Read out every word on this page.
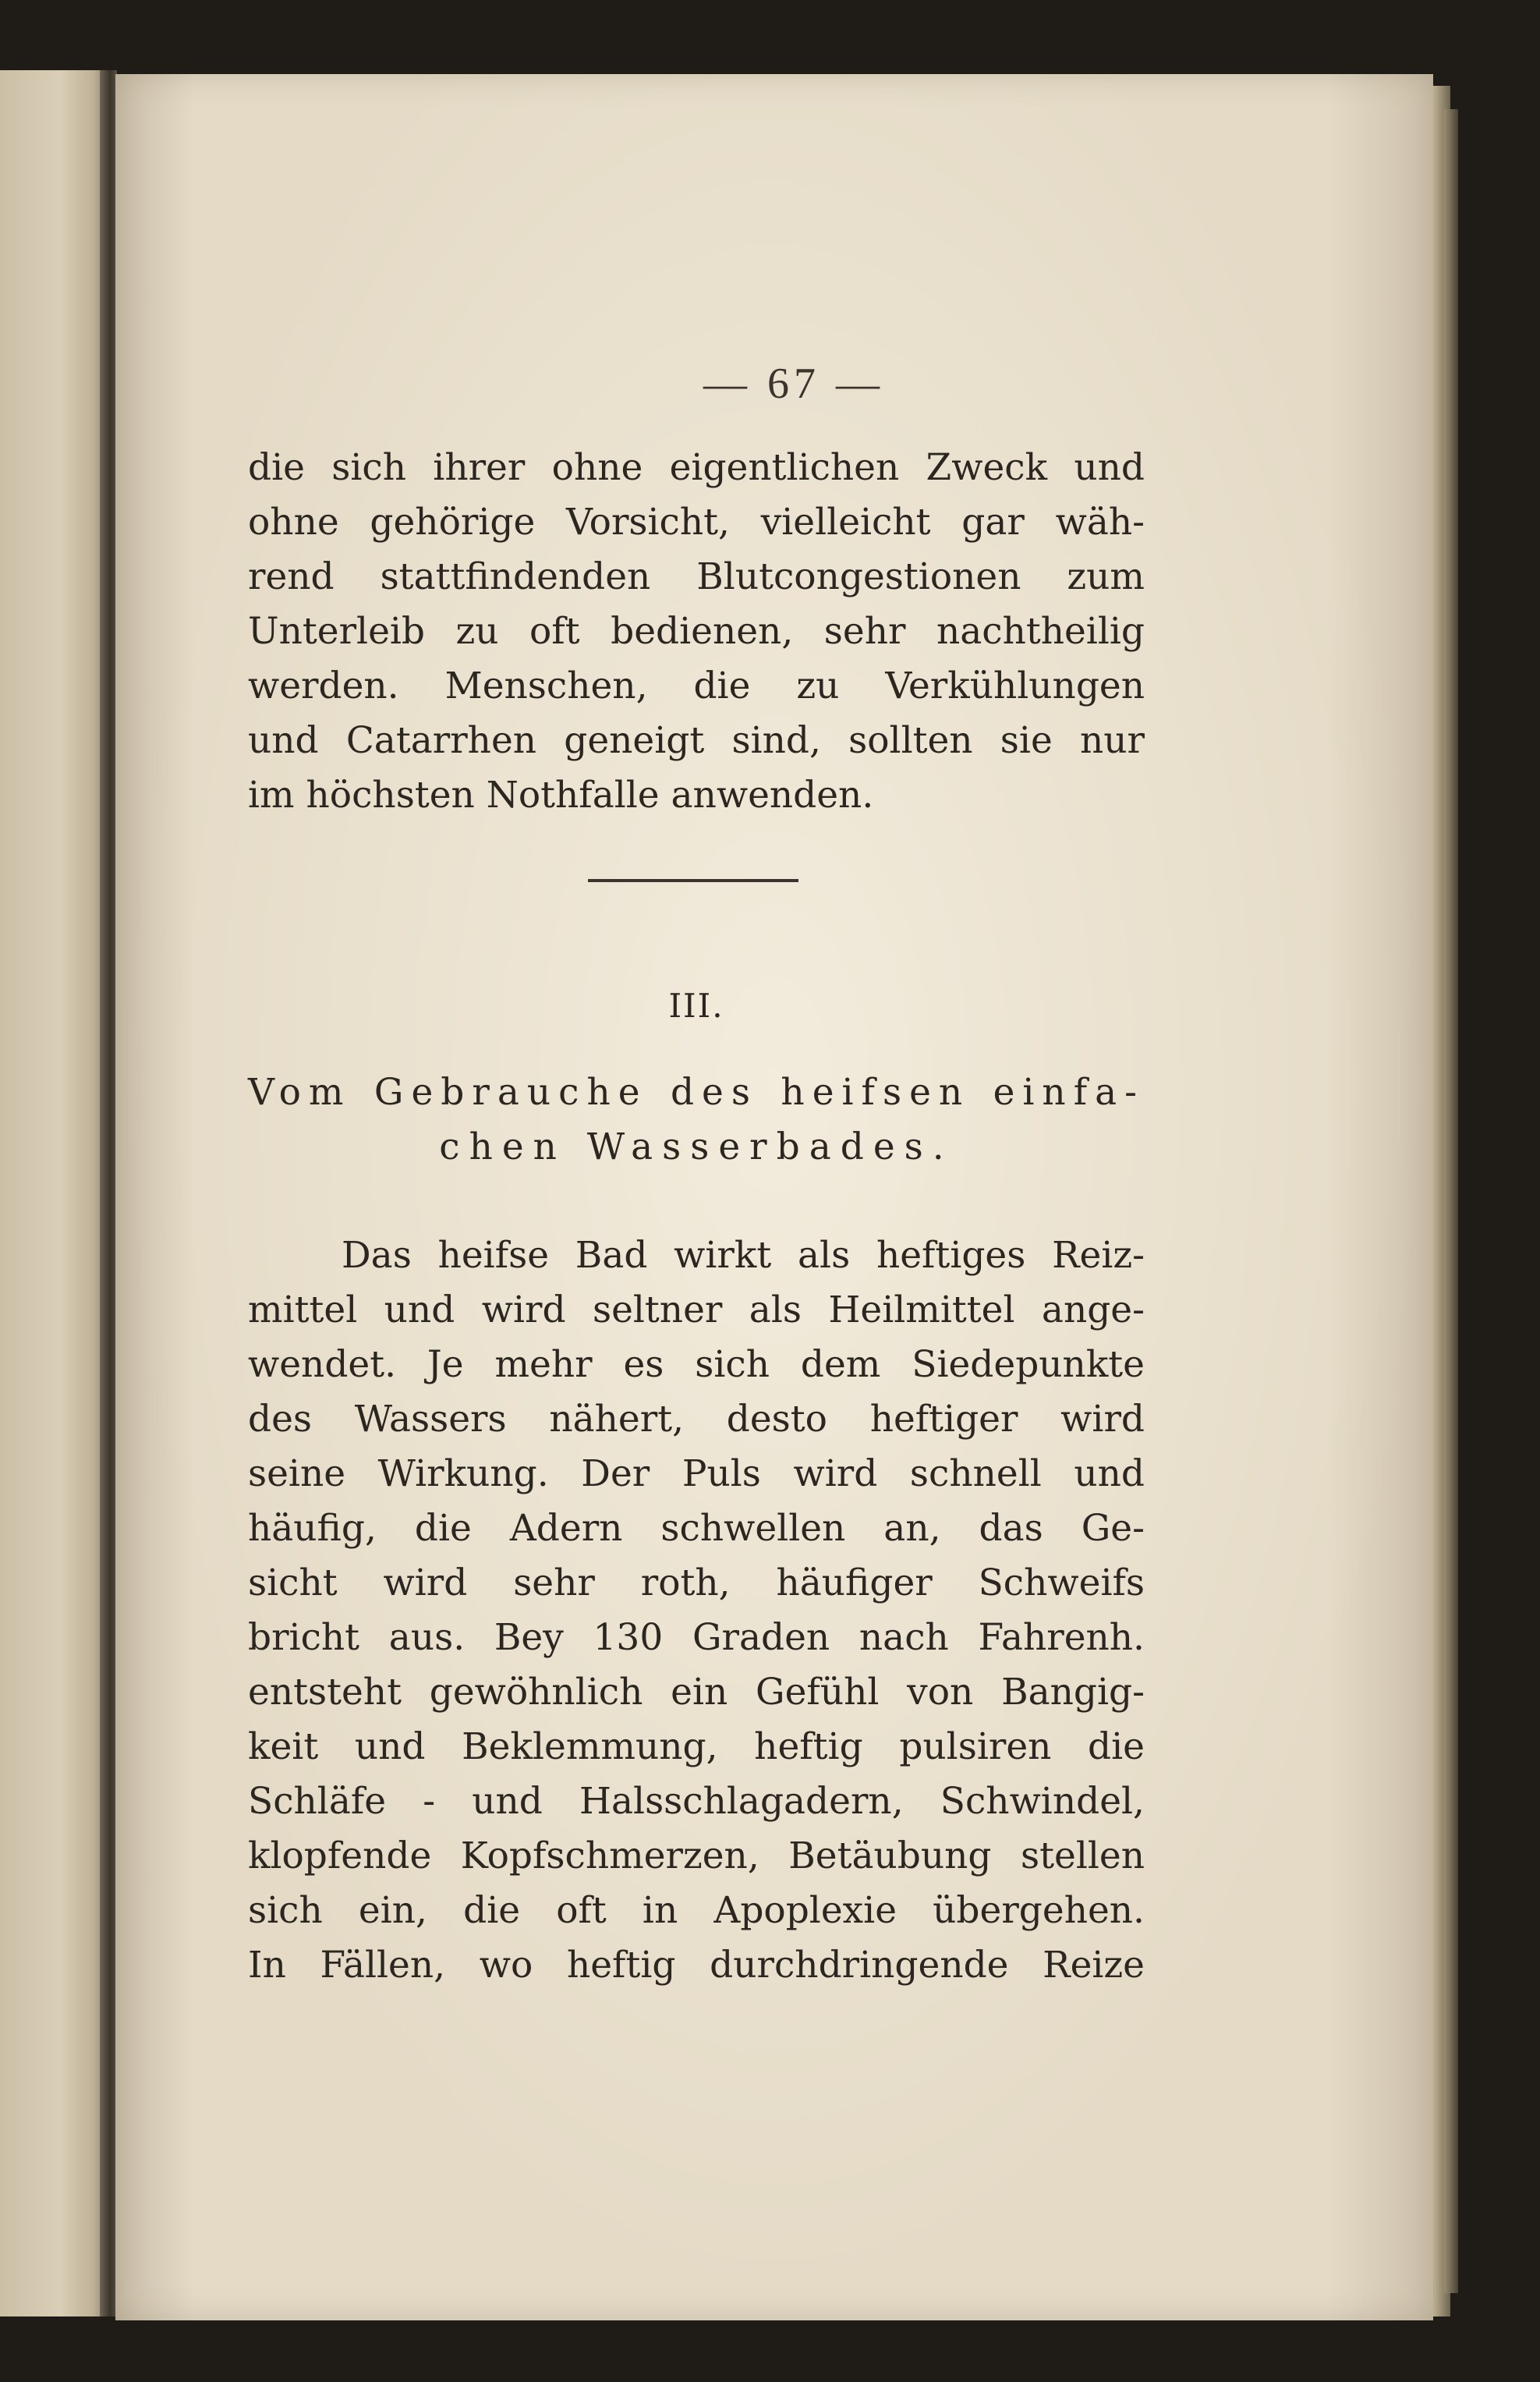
— 67 —
die sich ihrer ohne eigentlichen Zweck und
ohne gehörige Vorsicht, vielleicht gar wäh-
rend stattfindenden Blutcongestionen zum
Unterleib zu oft bedienen, sehr nachtheilig
werden. Menschen, die zu Verkühlungen
und Catarrhen geneigt sind, sollten sie nur
im höchsten Nothfalle anwenden.
III.
Vom Gebrauche des heifsen einfa-
chen Wasserbades.
Das heifse Bad wirkt als heftiges Reiz-
mittel und wird seltner als Heilmittel ange-
wendet. Je mehr es sich dem Siedepunkte
des Wassers nähert, desto heftiger wird
seine Wirkung. Der Puls wird schnell und
häufig, die Adern schwellen an, das Ge-
sicht wird sehr roth, häufiger Schweifs
bricht aus. Bey 130 Graden nach Fahrenh.
entsteht gewöhnlich ein Gefühl von Bangig-
keit und Beklemmung, heftig pulsiren die
Schläfe - und Halsschlagadern, Schwindel,
klopfende Kopfschmerzen, Betäubung stellen
sich ein, die oft in Apoplexie übergehen.
In Fällen, wo heftig durchdringende Reize
